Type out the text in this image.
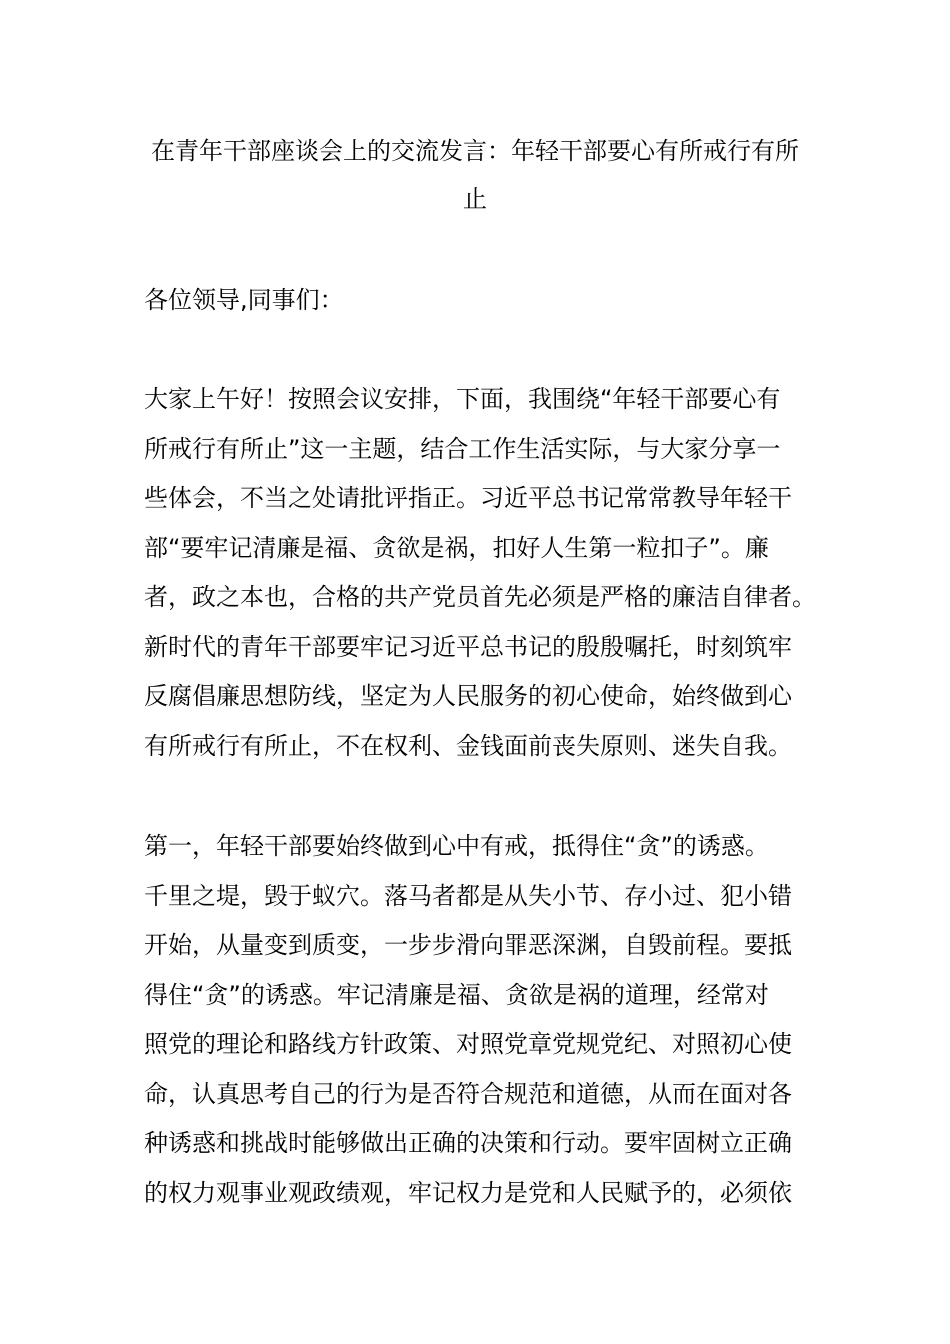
在青年干部座谈会上的交流发言：年轻干部要心有所戒行有所
止

各位领导,同事们：

大家上午好！按照会议安排，下面，我围绕“年轻干部要心有
所戒行有所止”这一主题，结合工作生活实际，与大家分享一
些体会，不当之处请批评指正。习近平总书记常常教导年轻干
部“要牢记清廉是福、贪欲是祸，扣好人生第一粒扣子”。廉
者，政之本也，合格的共产党员首先必须是严格的廉洁自律者。
新时代的青年干部要牢记习近平总书记的殷殷嘱托，时刻筑牢
反腐倡廉思想防线，坚定为人民服务的初心使命，始终做到心
有所戒行有所止，不在权利、金钱面前丧失原则、迷失自我。

第一，年轻干部要始终做到心中有戒，抵得住“贪”的诱惑。
千里之堤，毁于蚁穴。落马者都是从失小节、存小过、犯小错
开始，从量变到质变，一步步滑向罪恶深渊，自毁前程。要抵
得住“贪”的诱惑。牢记清廉是福、贪欲是祸的道理，经常对
照党的理论和路线方针政策、对照党章党规党纪、对照初心使
命，认真思考自己的行为是否符合规范和道德，从而在面对各
种诱惑和挑战时能够做出正确的决策和行动。要牢固树立正确
的权力观事业观政绩观，牢记权力是党和人民赋予的，必须依
